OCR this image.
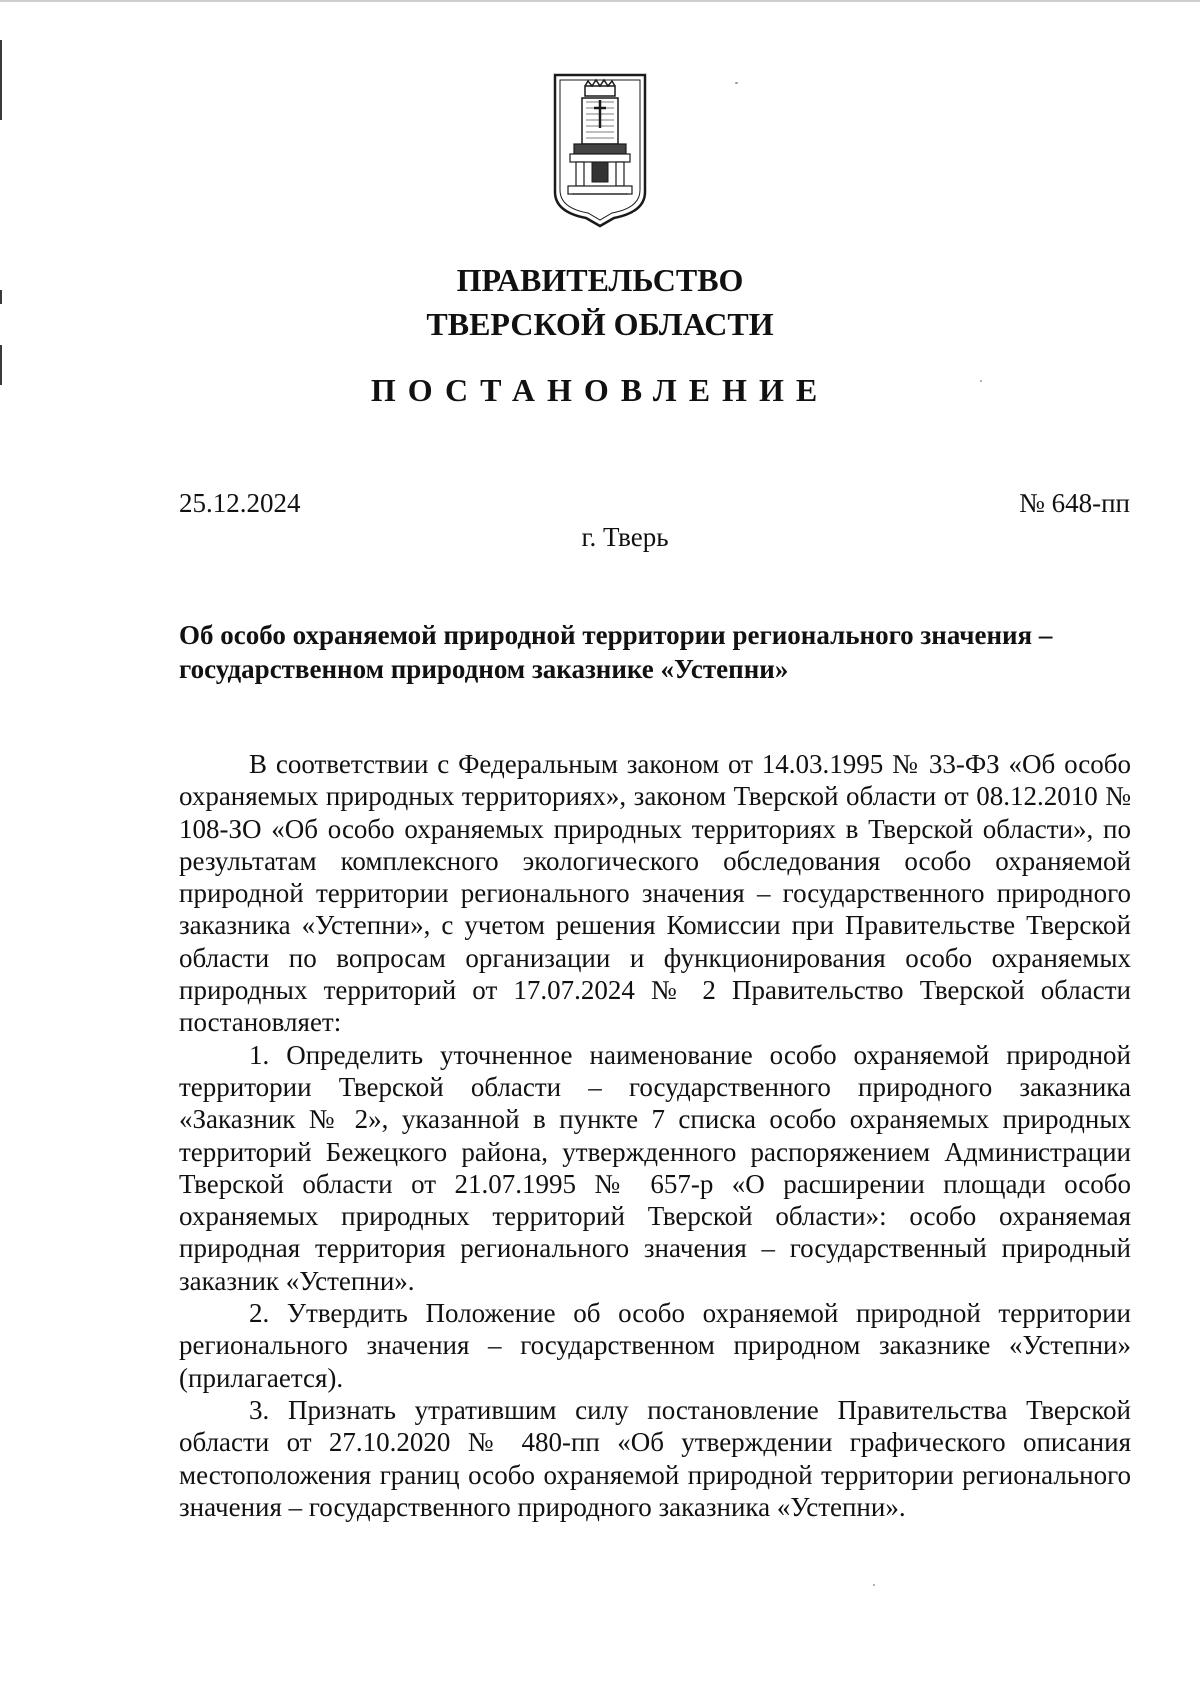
ПРАВИТЕЛЬСТВО
ТВЕРСКОЙ ОБЛАСТИ
ПОСТАНОВЛЕНИЕ
25.12.2024	№ 648-пп
г. Тверь
Об особо охраняемой природной территории регионального значения – государственном природном заказнике «Устепни»

В соответствии с Федеральным законом от 14.03.1995 № 33-ФЗ «Об особо охраняемых природных территориях», законом Тверской области от 08.12.2010 № 108-ЗО «Об особо охраняемых природных территориях в Тверской области», по результатам комплексного экологического обследования особо охраняемой природной территории регионального значения – государственного природного заказника «Устепни», с учетом решения Комиссии при Правительстве Тверской области по вопросам организации и функционирования особо охраняемых природных территорий от 17.07.2024 № 2 Правительство Тверской области постановляет:

1. Определить уточненное наименование особо охраняемой природной территории Тверской области – государственного природного заказника «Заказник № 2», указанной в пункте 7 списка особо охраняемых природных территорий Бежецкого района, утвержденного распоряжением Администрации Тверской области от 21.07.1995 № 657-р «О расширении площади особо охраняемых природных территорий Тверской области»: особо охраняемая природная территория регионального значения – государственный природный заказник «Устепни».

2. Утвердить Положение об особо охраняемой природной территории регионального значения – государственном природном заказнике «Устепни» (прилагается).

3. Признать утратившим силу постановление Правительства Тверской области от 27.10.2020 № 480-пп «Об утверждении графического описания местоположения границ особо охраняемой природной территории регионального значения – государственного природного заказника «Устепни».
